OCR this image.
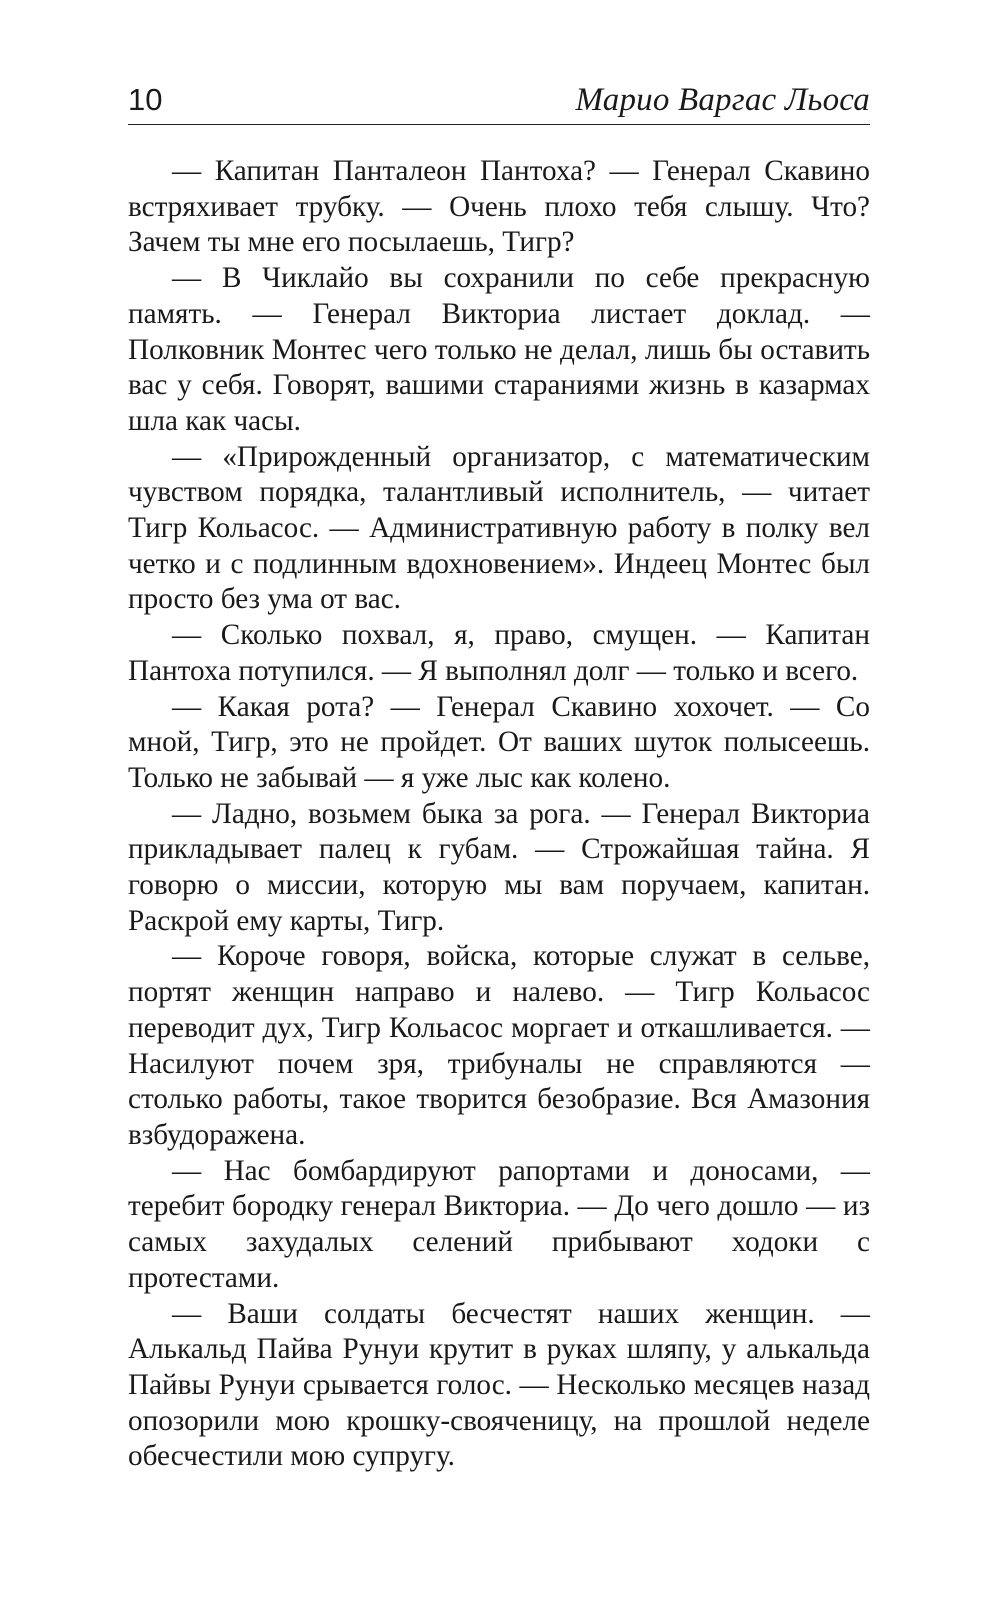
10	Марио Варгас Льоса

— Капитан Панталеон Пантоха? — Генерал Скавино встряхивает трубку. — Очень плохо тебя слышу. Что? Зачем ты мне его посылаешь, Тигр?

— В Чиклайо вы сохранили по себе прекрасную память. — Генерал Викториа листает доклад. — Полковник Монтес чего только не делал, лишь бы оставить вас у себя. Говорят, вашими стараниями жизнь в казармах шла как часы.

— «Прирожденный организатор, с математическим чувством порядка, талантливый исполнитель, — читает Тигр Кольасос. — Административную работу в полку вел четко и с подлинным вдохновением». Индеец Монтес был просто без ума от вас.

— Сколько похвал, я, право, смущен. — Капитан Пантоха потупился. — Я выполнял долг — только и всего.

— Какая рота? — Генерал Скавино хохочет. — Со мной, Тигр, это не пройдет. От ваших шуток полысеешь. Только не забывай — я уже лыс как колено.

— Ладно, возьмем быка за рога. — Генерал Викториа прикладывает палец к губам. — Строжайшая тайна. Я говорю о миссии, которую мы вам поручаем, капитан. Раскрой ему карты, Тигр.

— Короче говоря, войска, которые служат в сельве, портят женщин направо и налево. — Тигр Кольасос переводит дух, Тигр Кольасос моргает и откашливается. — Насилуют почем зря, трибуналы не справляются — столько работы, такое творится безобразие. Вся Амазония взбудоражена.

— Нас бомбардируют рапортами и доносами, — теребит бородку генерал Викториа. — До чего дошло — из самых захудалых селений прибывают ходоки с протестами.

— Ваши солдаты бесчестят наших женщин. — Алькальд Пайва Рунуи крутит в руках шляпу, у алькальда Пайвы Рунуи срывается голос. — Несколько месяцев назад опозорили мою крошку-свояченицу, на прошлой неделе обесчестили мою супругу.
